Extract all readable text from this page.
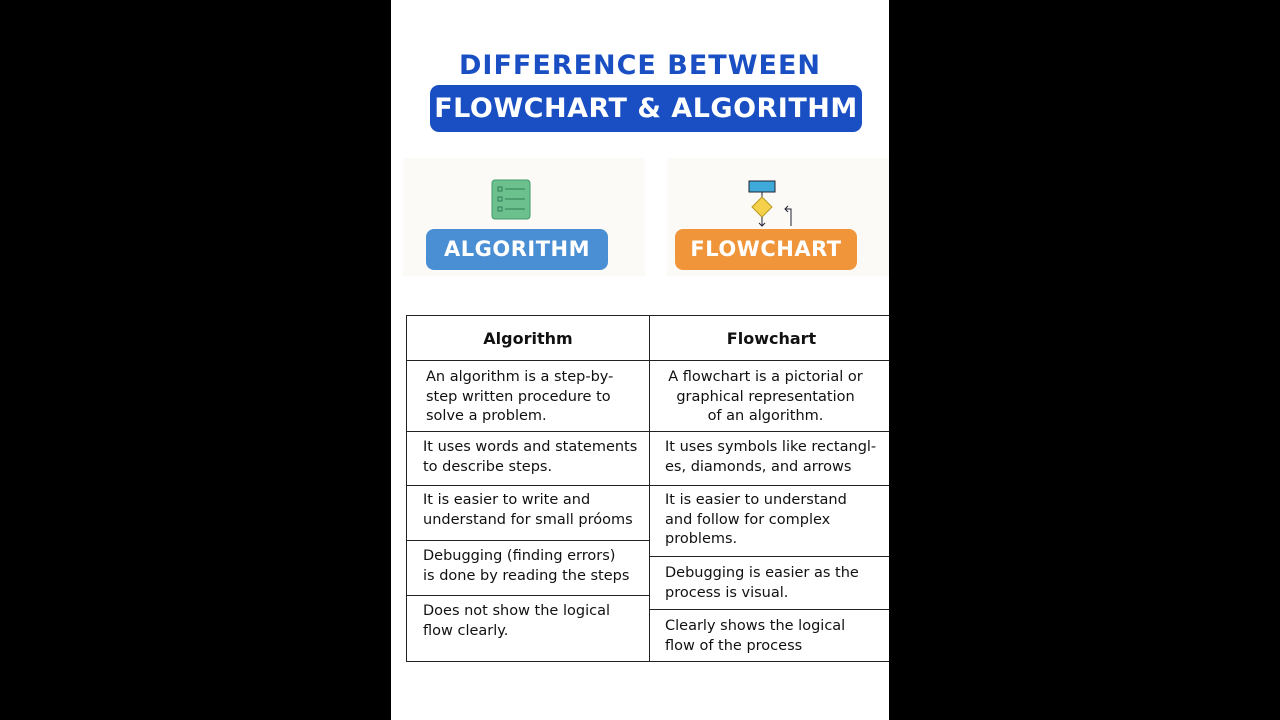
DIFFERENCE BETWEEN
FLOWCHART & ALGORITHM
ALGORITHM	FLOWCHART
Algorithm
An algorithm is a step-by-
step written procedure to
solve a problem.
It uses words and statements
to describe steps.
It is easier to write and
understand for small próoms
Debugging (finding errors)
is done by reading the steps
Does not show the logical
flow clearly.
Flowchart
A flowchart is a pictorial or
graphical representation
of an algorithm.
It uses symbols like rectangl-
es, diamonds, and arrows
It is easier to understand
and follow for complex
problems.
Debugging is easier as the
process is visual.
Clearly shows the logical
flow of the process
